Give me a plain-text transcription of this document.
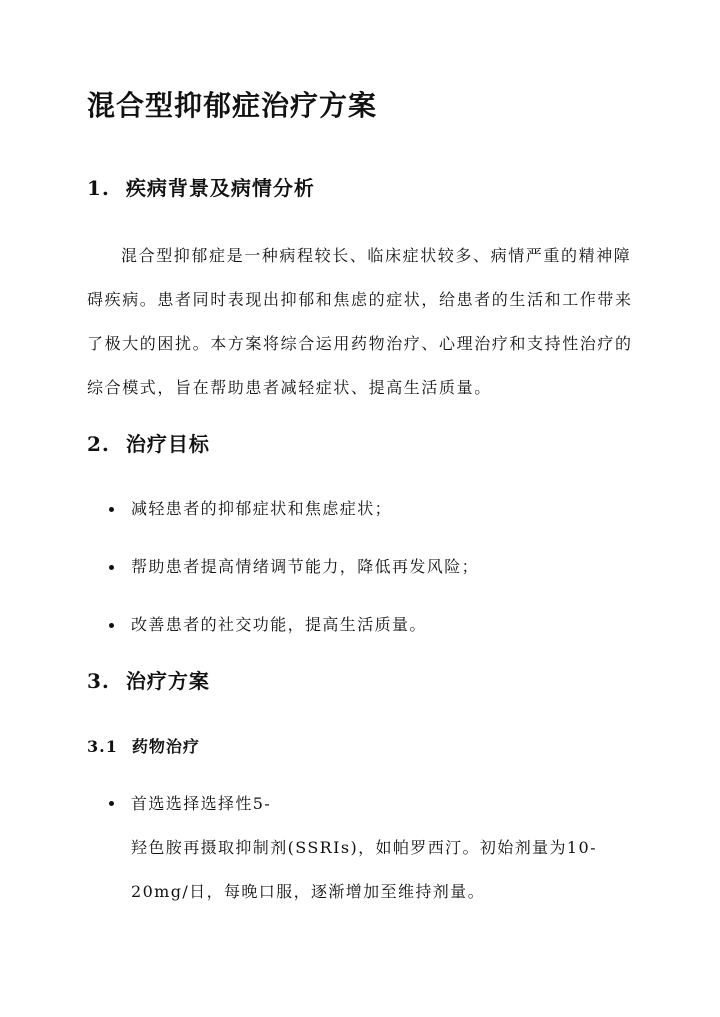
混合型抑郁症治疗方案
1. 疾病背景及病情分析

混合型抑郁症是一种病程较长、临床症状较多、病情严重的精神障碍疾病。患者同时表现出抑郁和焦虑的症状，给患者的生活和工作带来了极大的困扰。本方案将综合运用药物治疗、心理治疗和支持性治疗的综合模式，旨在帮助患者减轻症状、提高生活质量。

2. 治疗目标
减轻患者的抑郁症状和焦虑症状；
帮助患者提高情绪调节能力，降低再发风险；
改善患者的社交功能，提高生活质量。
3. 治疗方案
3.1 药物治疗
首选选择选择性5-
羟色胺再摄取抑制剂(SSRIs)，如帕罗西汀。初始剂量为10-
20mg/日，每晚口服，逐渐增加至维持剂量。
